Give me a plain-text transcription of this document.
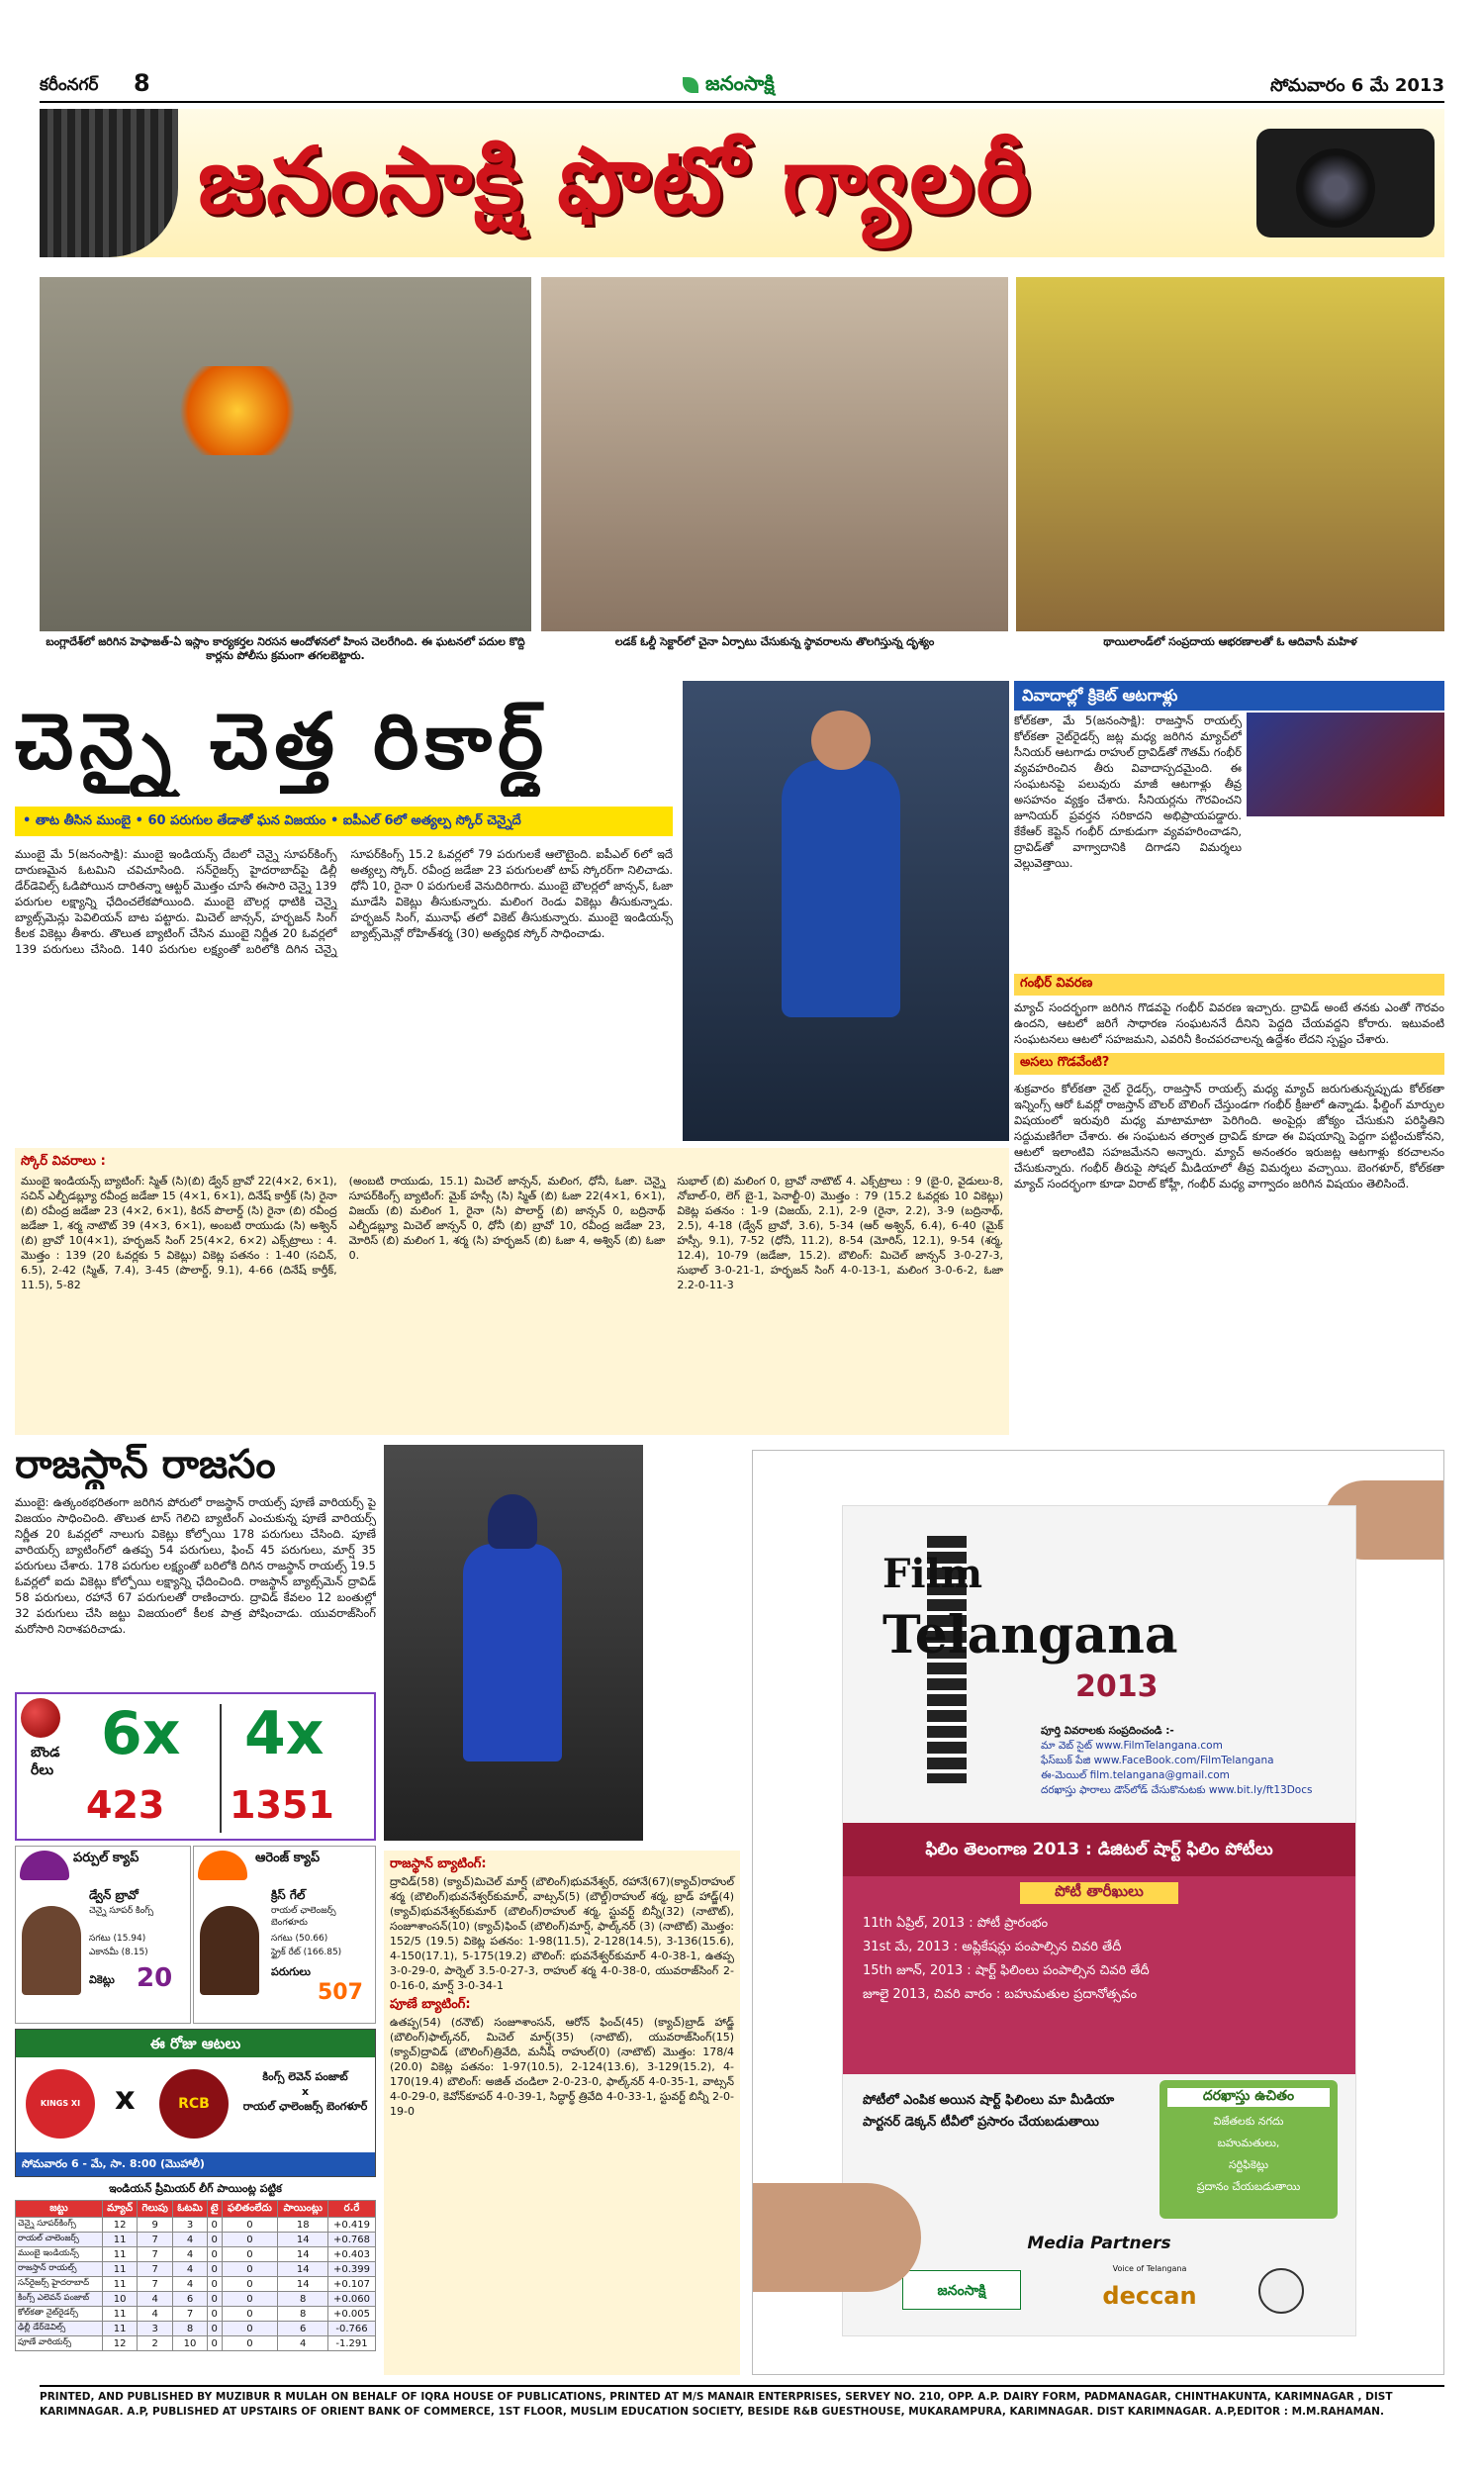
కరీంనగర్ 8	జనంసాక్షి	సోమవారం 6 మే 2013
జనంసాక్షి ఫొటో గ్యాలరీ
బంగ్లాదేశ్‌లో జరిగిన హెఫాజత్‌-ఏ ఇస్లాం కార్యకర్తల నిరసన ఆందోళనలో హింస చెలరేగింది. ఈ ఘటనలో పదుల కొద్ది కార్లను పోలీసు క్రమంగా తగలబెట్టారు.
లడక్‌ ఓల్డీ సెక్టార్‌లో చైనా ఏర్పాటు చేసుకున్న స్థావరాలను తొలగిస్తున్న దృశ్యం	థాయిలాండ్‌లో సంప్రదాయ ఆభరణాలతో ఓ ఆదివాసీ మహిళ
చెన్నై చెత్త రికార్డ్‌
• తాట తీసిన ముంబై • 60 పరుగుల తేడాతో ఘన విజయం • ఐపీఎల్‌ 6లో అత్యల్ప స్కోర్‌ చెన్నైదే
ముంబై మే 5(జనంసాక్షి): ముంబై ఇండియన్స్‌ దేబలో చెన్నై సూపర్‌కింగ్స్‌ దారుణమైన ఓటమిని చవిచూసింది. సన్‌రైజర్స్‌ హైదరాబాద్‌పై డిల్లీ డేర్‌డెవిల్స్‌ ఓడిపోయిన దారితన్నా ఆట్టర్‌ మొత్తం చూసే ఈసారి చెన్నై 139 పరుగుల లక్ష్యాన్ని ఛేదించలేకపోయింది. ముంబై బౌలర్ల ధాటికి చెన్నై బ్యాట్స్‌మెన్లు పెవిలియన్‌ బాట పట్టారు. మిచెల్‌ జాన్సన్‌, హర్భజన్‌ సింగ్‌ కీలక వికెట్లు తీశారు. తొలుత బ్యాటింగ్‌ చేసిన ముంబై నిర్ణీత 20 ఓవర్లలో 139 పరుగులు చేసింది. 140 పరుగుల లక్ష్యంతో బరిలోకి దిగిన చెన్నై సూపర్‌కింగ్స్‌ 15.2 ఓవర్లలో 79 పరుగులకే ఆలౌటైంది. ఐపీఎల్‌ 6లో ఇదే అత్యల్ప స్కోర్‌. రవీంద్ర జడేజా 23 పరుగులతో టాప్‌ స్కోరర్‌గా నిలిచాడు. ధోనీ 10, రైనా 0 పరుగులకే వెనుదిరిగారు. ముంబై బౌలర్లలో జాన్సన్‌, ఓజా మూడేసి వికెట్లు తీసుకున్నారు. మలింగ రెండు వికెట్లు తీసుకున్నాడు. హర్భజన్‌ సింగ్‌, మునాఫ్‌ తలో వికెట్‌ తీసుకున్నారు. ముంబై ఇండియన్స్‌ బ్యాట్స్‌మెన్లో రోహిత్‌శర్మ (30) అత్యధిక స్కోర్‌ సాధించాడు.
స్కోర్‌ వివరాలు :
ముంబై ఇండియన్స్‌ బ్యాటింగ్‌: స్మిత్‌ (సి)(బి) డ్వేన్‌ బ్రావో 22(4×2, 6×1), సచిన్‌ ఎల్బీడబ్ల్యూ రవీంద్ర జడేజా 15 (4×1, 6×1), దినేష్‌ కార్తీక్‌ (సి) రైనా (బి) రవీంద్ర జడేజా 23 (4×2, 6×1), కిరన్‌ పొలార్డ్‌ (సి) రైనా (బి) రవీంద్ర జడేజా 1, శర్మ నాటౌట్‌ 39 (4×3, 6×1), అంబటి రాయుడు (సి) అశ్విన్‌ (బి) బ్రావో 10(4×1), హర్భజన్‌ సింగ్‌ 25(4×2, 6×2) ఎక్స్‌ట్రాలు : 4. మొత్తం : 139 (20 ఓవర్లకు 5 వికెట్లు) వికెట్ల పతనం : 1-40 (సచిన్‌, 6.5), 2-42 (స్మిత్‌, 7.4), 3-45 (పొలార్డ్‌, 9.1), 4-66 (దినేష్‌ కార్తీక్‌, 11.5), 5-82
(అంబటి రాయుడు, 15.1) మిచెల్‌ జాన్సన్‌, మలింగ, ధోనీ, ఓజా. చెన్నై సూపర్‌కింగ్స్‌ బ్యాటింగ్‌: మైక్‌ హస్సీ (సి) స్మిత్‌ (బి) ఓజా 22(4×1, 6×1), విజయ్‌ (బి) మలింగ 1, రైనా (సి) పొలార్డ్‌ (బి) జాన్సన్‌ 0, బద్రినాథ్‌ ఎల్బీడబ్ల్యూ మిచెల్‌ జాన్సన్‌ 0, ధోనీ (బి) బ్రావో 10, రవీంద్ర జడేజా 23, మోరిస్‌ (బి) మలింగ 1, శర్మ (సి) హర్భజన్‌ (బి) ఓజా 4, అశ్విన్‌ (బి) ఓజా 0.
సుభాల్‌ (బి) మలింగ 0, బ్రావో నాటౌట్‌ 4. ఎక్స్‌ట్రాలు : 9 (బై-0, వైడులు-8, నోబాల్‌-0, లెగ్‌ బై-1, పెనాల్టీ-0) మొత్తం : 79 (15.2 ఓవర్లకు 10 వికెట్లు) వికెట్ల పతనం : 1-9 (విజయ్‌, 2.1), 2-9 (రైనా, 2.2), 3-9 (బద్రినాథ్‌, 2.5), 4-18 (డ్వేన్‌ బ్రావో, 3.6), 5-34 (ఆర్‌ అశ్విన్‌, 6.4), 6-40 (మైక్‌ హస్సీ, 9.1), 7-52 (ధోనీ, 11.2), 8-54 (మోరిస్‌, 12.1), 9-54 (శర్మ, 12.4), 10-79 (జడేజా, 15.2). బౌలింగ్‌: మిచెల్‌ జాన్సన్‌ 3-0-27-3, సుభాల్‌ 3-0-21-1, హర్భజన్‌ సింగ్‌ 4-0-13-1, మలింగ 3-0-6-2, ఓజా 2.2-0-11-3
వివాదాల్లో క్రికెట్‌ ఆటగాళ్లు
కోల్‌కతా, మే 5(జనంసాక్షి): రాజస్తాన్‌ రాయల్స్‌ కోల్‌కతా నైట్‌రైడర్స్‌ జట్ల మధ్య జరిగిన మ్యాచ్‌లో సీనియర్‌ ఆటగాడు రాహుల్‌ ద్రావిడ్‌తో గౌతమ్‌ గంభీర్‌ వ్యవహరించిన తీరు వివాదాస్పదమైంది. ఈ సంఘటనపై పలువురు మాజీ ఆటగాళ్లు తీవ్ర అసహనం వ్యక్తం చేశారు. సీనియర్లను గౌరవించని జూనియర్‌ ప్రవర్తన సరికాదని అభిప్రాయపడ్డారు. కేకేఆర్‌ కెప్టెన్‌ గంభీర్‌ దూకుడుగా వ్యవహరించాడని, ద్రావిడ్‌తో వాగ్వాదానికి దిగాడని విమర్శలు వెల్లువెత్తాయి.
గంభీర్‌ వివరణ
మ్యాచ్‌ సందర్భంగా జరిగిన గొడవపై గంభీర్‌ వివరణ ఇచ్చారు. ద్రావిడ్‌ అంటే తనకు ఎంతో గౌరవం ఉందని, ఆటలో జరిగే సాధారణ సంఘటననే దీనిని పెద్దది చేయవద్దని కోరారు. ఇటువంటి సంఘటనలు ఆటలో సహజమని, ఎవరినీ కించపరచాలన్న ఉద్దేశం లేదని స్పష్టం చేశారు.
అసలు గొడవేంటి?
శుక్రవారం కోల్‌కతా నైట్‌ రైడర్స్‌, రాజస్తాన్‌ రాయల్స్‌ మధ్య మ్యాచ్‌ జరుగుతున్నప్పుడు కోల్‌కతా ఇన్నింగ్స్‌ ఆరో ఓవర్లో రాజస్తాన్‌ బౌలర్‌ బౌలింగ్‌ చేస్తుండగా గంభీర్‌ క్రీజులో ఉన్నాడు. ఫీల్డింగ్‌ మార్పుల విషయంలో ఇరువురి మధ్య మాటామాటా పెరిగింది. అంపైర్లు జోక్యం చేసుకుని పరిస్థితిని సద్దుమణిగేలా చేశారు. ఈ సంఘటన తర్వాత ద్రావిడ్‌ కూడా ఈ విషయాన్ని పెద్దగా పట్టించుకోనని, ఆటలో ఇలాంటివి సహజమేనని అన్నారు. మ్యాచ్‌ అనంతరం ఇరుజట్ల ఆటగాళ్లు కరచాలనం చేసుకున్నారు. గంభీర్‌ తీరుపై సోషల్‌ మీడియాలో తీవ్ర విమర్శలు వచ్చాయి. బెంగళూర్‌, కోల్‌కతా మ్యాచ్‌ సందర్భంగా కూడా విరాట్‌ కోహ్లీ, గంభీర్‌ మధ్య వాగ్వాదం జరిగిన విషయం తెలిసిందే.
రాజస్థాన్‌ రాజసం
ముంబై: ఉత్కంఠభరితంగా జరిగిన పోరులో రాజస్థాన్‌ రాయల్స్‌ పూణే వారియర్స్‌ పై విజయం సాధించింది. తొలుత టాస్‌ గెలిచి బ్యాటింగ్‌ ఎంచుకున్న పూణే వారియర్స్‌ నిర్ణీత 20 ఓవర్లలో నాలుగు వికెట్లు కోల్పోయి 178 పరుగులు చేసింది. పూణే వారియర్స్‌ బ్యాటింగ్‌లో ఉతప్ప 54 పరుగులు, ఫించ్‌ 45 పరుగులు, మార్ష్‌ 35 పరుగులు చేశారు. 178 పరుగుల లక్ష్యంతో బరిలోకి దిగిన రాజస్థాన్‌ రాయల్స్‌ 19.5 ఓవర్లలో ఐదు వికెట్లు కోల్పోయి లక్ష్యాన్ని ఛేదించింది. రాజస్థాన్‌ బ్యాట్స్‌మెన్‌ ద్రావిడ్‌ 58 పరుగులు, రహానే 67 పరుగులతో రాణించారు. ద్రావిడ్‌ కేవలం 12 బంతుల్లో 32 పరుగులు చేసి జట్టు విజయంలో కీలక పాత్ర పోషించాడు. యువరాజ్‌సింగ్‌ మరోసారి నిరాశపరిచాడు.
బౌండరీలు
6x 4x
423 1351
పర్పుల్‌ క్యాప్‌
డ్వేన్‌ బ్రావో
చెన్నై సూపర్‌ కింగ్స్‌
సగటు (15.94)
ఎకానమీ (8.15)
వికెట్లు 20
ఆరెంజ్‌ క్యాప్‌
క్రిస్‌ గేల్‌
రాయల్‌ ఛాలెంజర్స్‌ బెంగళూరు
సగటు (50.66)
స్ట్రైక్‌ రేట్‌ (166.85)
పరుగులు
507
ఈ రోజు ఆటలు
KINGS XI	x	RCB
కింగ్స్‌ లెవెన్‌ పంజాబ్‌
x
రాయల్‌ ఛాలెంజర్స్‌ బెంగళూర్‌
సోమవారం 6 - మే, సా. 8:00 (మొహాలీ)
ఇండియన్‌ ప్రీమియర్‌ లీగ్‌ పాయింట్ల పట్టిక
జట్టు	మ్యాచ్‌	గెలుపు	ఓటమి	టై	ఫలితంలేదు	పాయింట్లు	ర.రే
చెన్నై సూపర్‌కింగ్స్‌	12	9	3	0	0	18	+0.419
రాయల్‌ చాలెంజర్స్‌	11	7	4	0	0	14	+0.768
ముంబై ఇండియన్స్‌	11	7	4	0	0	14	+0.403
రాజస్తాన్‌ రాయల్స్‌	11	7	4	0	0	14	+0.399
సన్‌రైజర్స్‌ హైదరాబాద్‌	11	7	4	0	0	14	+0.107
కింగ్స్‌ ఎలెవన్‌ పంజాబ్‌	10	4	6	0	0	8	+0.060
కోల్‌కతా నైట్‌రైడర్స్‌	11	4	7	0	0	8	+0.005
ఢిల్లీ డేర్‌డెవిల్స్‌	11	3	8	0	0	6	-0.766
పూణే వారియర్స్‌	12	2	10	0	0	4	-1.291
రాజస్థాన్‌ బ్యాటింగ్‌:
ద్రావిడ్‌(58) (క్యాచ్‌)మిచెల్‌ మార్ష్‌ (బౌలింగ్‌)భువనేశ్వర్‌, రహానే(67)(క్యాచ్‌)రాహుల్‌ శర్మ (బౌలింగ్‌)భువనేశ్వర్‌కుమార్‌, వాట్సన్‌(5) (బౌల్డ్‌)రాహుల్‌ శర్మ, బ్రాడ్‌ హాడ్జ్‌(4) (క్యాచ్‌)భువనేశ్వర్‌కుమార్‌ (బౌలింగ్‌)రాహుల్‌ శర్మ, స్టువర్ట్‌ బిన్నీ(32) (నాటౌట్‌), సంజూశాంసన్‌(10) (క్యాచ్‌)ఫించ్‌ (బౌలింగ్‌)మార్ష్‌, ఫాల్క్‌నర్‌ (3) (నాటౌట్‌) మొత్తం: 152/5 (19.5) వికెట్ల పతనం: 1-98(11.5), 2-128(14.5), 3-136(15.6), 4-150(17.1), 5-175(19.2) బౌలింగ్‌: భువనేశ్వర్‌కుమార్‌ 4-0-38-1, ఉతప్ప 3-0-29-0, పార్నెల్‌ 3.5-0-27-3, రాహుల్‌ శర్మ 4-0-38-0, యువరాజ్‌సింగ్‌ 2-0-16-0, మార్ష్‌ 3-0-34-1
పూణే బ్యాటింగ్‌:
ఉతప్ప(54) (రనౌట్‌) సంజూశాంసన్‌, ఆరోన్‌ ఫించ్‌(45) (క్యాచ్‌)బ్రాడ్‌ హాడ్జ్‌ (బౌలింగ్‌)ఫాల్క్‌నర్‌, మిచెల్‌ మార్ష్‌(35) (నాటౌట్‌), యువరాజ్‌సింగ్‌(15) (క్యాచ్‌)ద్రావిడ్‌ (బౌలింగ్‌)త్రివేది, మనీష్‌ రాహుల్‌(0) (నాటౌట్‌) మొత్తం: 178/4 (20.0) వికెట్ల పతనం: 1-97(10.5), 2-124(13.6), 3-129(15.2), 4-170(19.4) బౌలింగ్‌: అజిత్‌ చండిలా 2-0-23-0, ఫాల్క్‌నర్‌ 4-0-35-1, వాట్సన్‌ 4-0-29-0, కెవోన్‌కూపర్‌ 4-0-39-1, సిద్ధార్థ్‌ త్రివేది 4-0-33-1, స్టువర్ట్‌ బిన్నీ 2-0-19-0
Film
Telangana
2013
పూర్తి వివరాలకు సంప్రదించండి :-
మా వెబ్‌ సైట్‌ www.FilmTelangana.com
ఫేస్‌బుక్‌ పేజి www.FaceBook.com/FilmTelangana
ఈ-మెయిల్‌ film.telangana@gmail.com
దరఖాస్తు ఫారాలు డౌన్‌లోడ్‌ చేసుకొనుటకు www.bit.ly/ft13Docs
ఫిలిం తెలంగాణ 2013 : డిజిటల్‌ షార్ట్‌ ఫిలిం పోటీలు
పోటీ తారీఖులు
11th ఏప్రిల్‌, 2013 : పోటీ ప్రారంభం
31st మే, 2013 : అప్లికేషన్లు పంపాల్సిన చివరి తేదీ
15th జూన్‌, 2013 : షార్ట్‌ ఫిలింలు పంపాల్సిన చివరి తేదీ
జూలై 2013, చివరి వారం : బహుమతుల ప్రదానోత్సవం
పోటీలో ఎంపిక అయిన షార్ట్‌ ఫిలింలు మా మీడియా పార్టనర్‌ డెక్కన్‌ టీవీలో ప్రసారం చేయబడుతాయి
దరఖాస్తు ఉచితం
విజేతలకు నగదు
బహుమతులు,
సర్టిఫికెట్లు
ప్రదానం చేయబడుతాయి
Media Partners
జనంసాక్షి
Voice of Telangana
deccan
PRINTED, AND PUBLISHED BY MUZIBUR R MULAH ON BEHALF OF IQRA HOUSE OF PUBLICATIONS, PRINTED AT M/S MANAIR ENTERPRISES, SERVEY NO. 210, OPP. A.P. DAIRY FORM, PADMANAGAR, CHINTHAKUNTA, KARIMNAGAR , DIST KARIMNAGAR. A.P, PUBLISHED AT UPSTAIRS OF ORIENT BANK OF COMMERCE, 1ST FLOOR, MUSLIM EDUCATION SOCIETY, BESIDE R&B GUESTHOUSE, MUKARAMPURA, KARIMNAGAR. DIST KARIMNAGAR. A.P,EDITOR : M.M.RAHAMAN.
